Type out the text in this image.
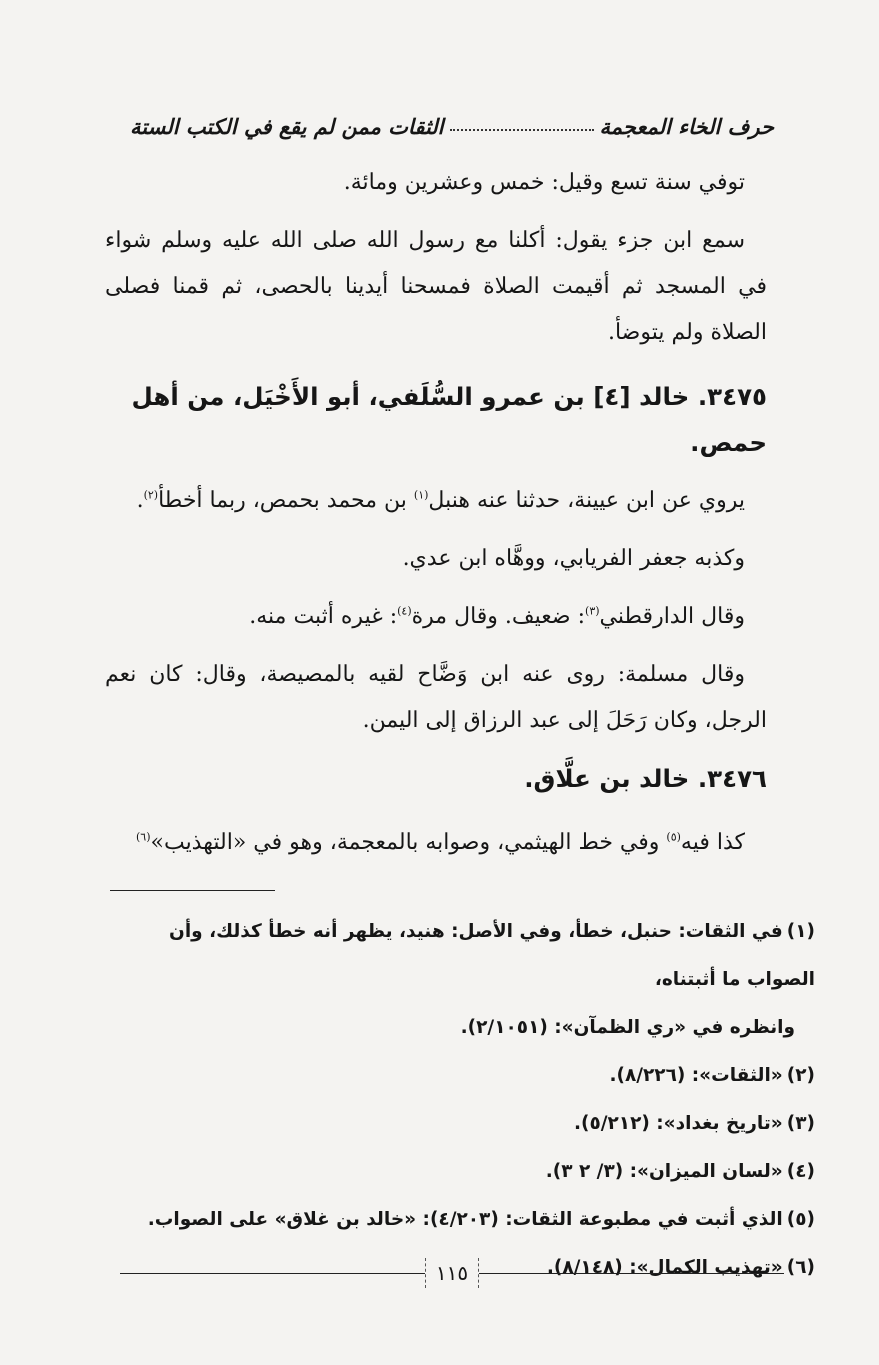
حرف الخاء المعجمة
الثقات ممن لم يقع في الكتب الستة

توفي سنة تسع وقيل: خمس وعشرين ومائة.

سمع ابن جزء يقول: أكلنا مع رسول الله صلى الله عليه وسلم شواء في المسجد ثم أقيمت الصلاة فمسحنا أيدينا بالحصى، ثم قمنا فصلى الصلاة ولم يتوضأ.

٣٤٧٥. خالد [٤] بن عمرو السُّلَفي، أبو الأَخْيَل، من أهل حمص.

يروي عن ابن عيينة، حدثنا عنه هنبل$^{(١)}$ بن محمد بحمص، ربما أخطأ$^{(٢)}$.

وكذبه جعفر الفريابي، ووهَّاه ابن عدي.

وقال الدارقطني$^{(٣)}$: ضعيف. وقال مرة$^{(٤)}$: غيره أثبت منه.

وقال مسلمة: روى عنه ابن وَضَّاح لقيه بالمصيصة، وقال: كان نعم الرجل، وكان رَحَلَ إلى عبد الرزاق إلى اليمن.

٣٤٧٦. خالد بن علَّاق.

كذا فيه$^{(٥)}$ وفي خط الهيثمي، وصوابه بالمعجمة، وهو في «التهذيب»$^{(٦)}$

(١)في الثقات: حنبل، خطأ، وفي الأصل: هنيد، يظهر أنه خطأ كذلك، وأن الصواب ما أثبتناه،

وانظره في «ري الظمآن»: (٢/١٠٥١).

(٢)«الثقات»: (٨/٢٢٦).

(٣)«تاريخ بغداد»: (٥/٢١٢).

(٤)«لسان الميزان»: (٣/ ٢ ٣).

(٥)الذي أثبت في مطبوعة الثقات: (٤/٢٠٣): «خالد بن غلاق» على الصواب.

(٦)«تهذيب الكمال»: (٨/١٤٨).

١١٥
